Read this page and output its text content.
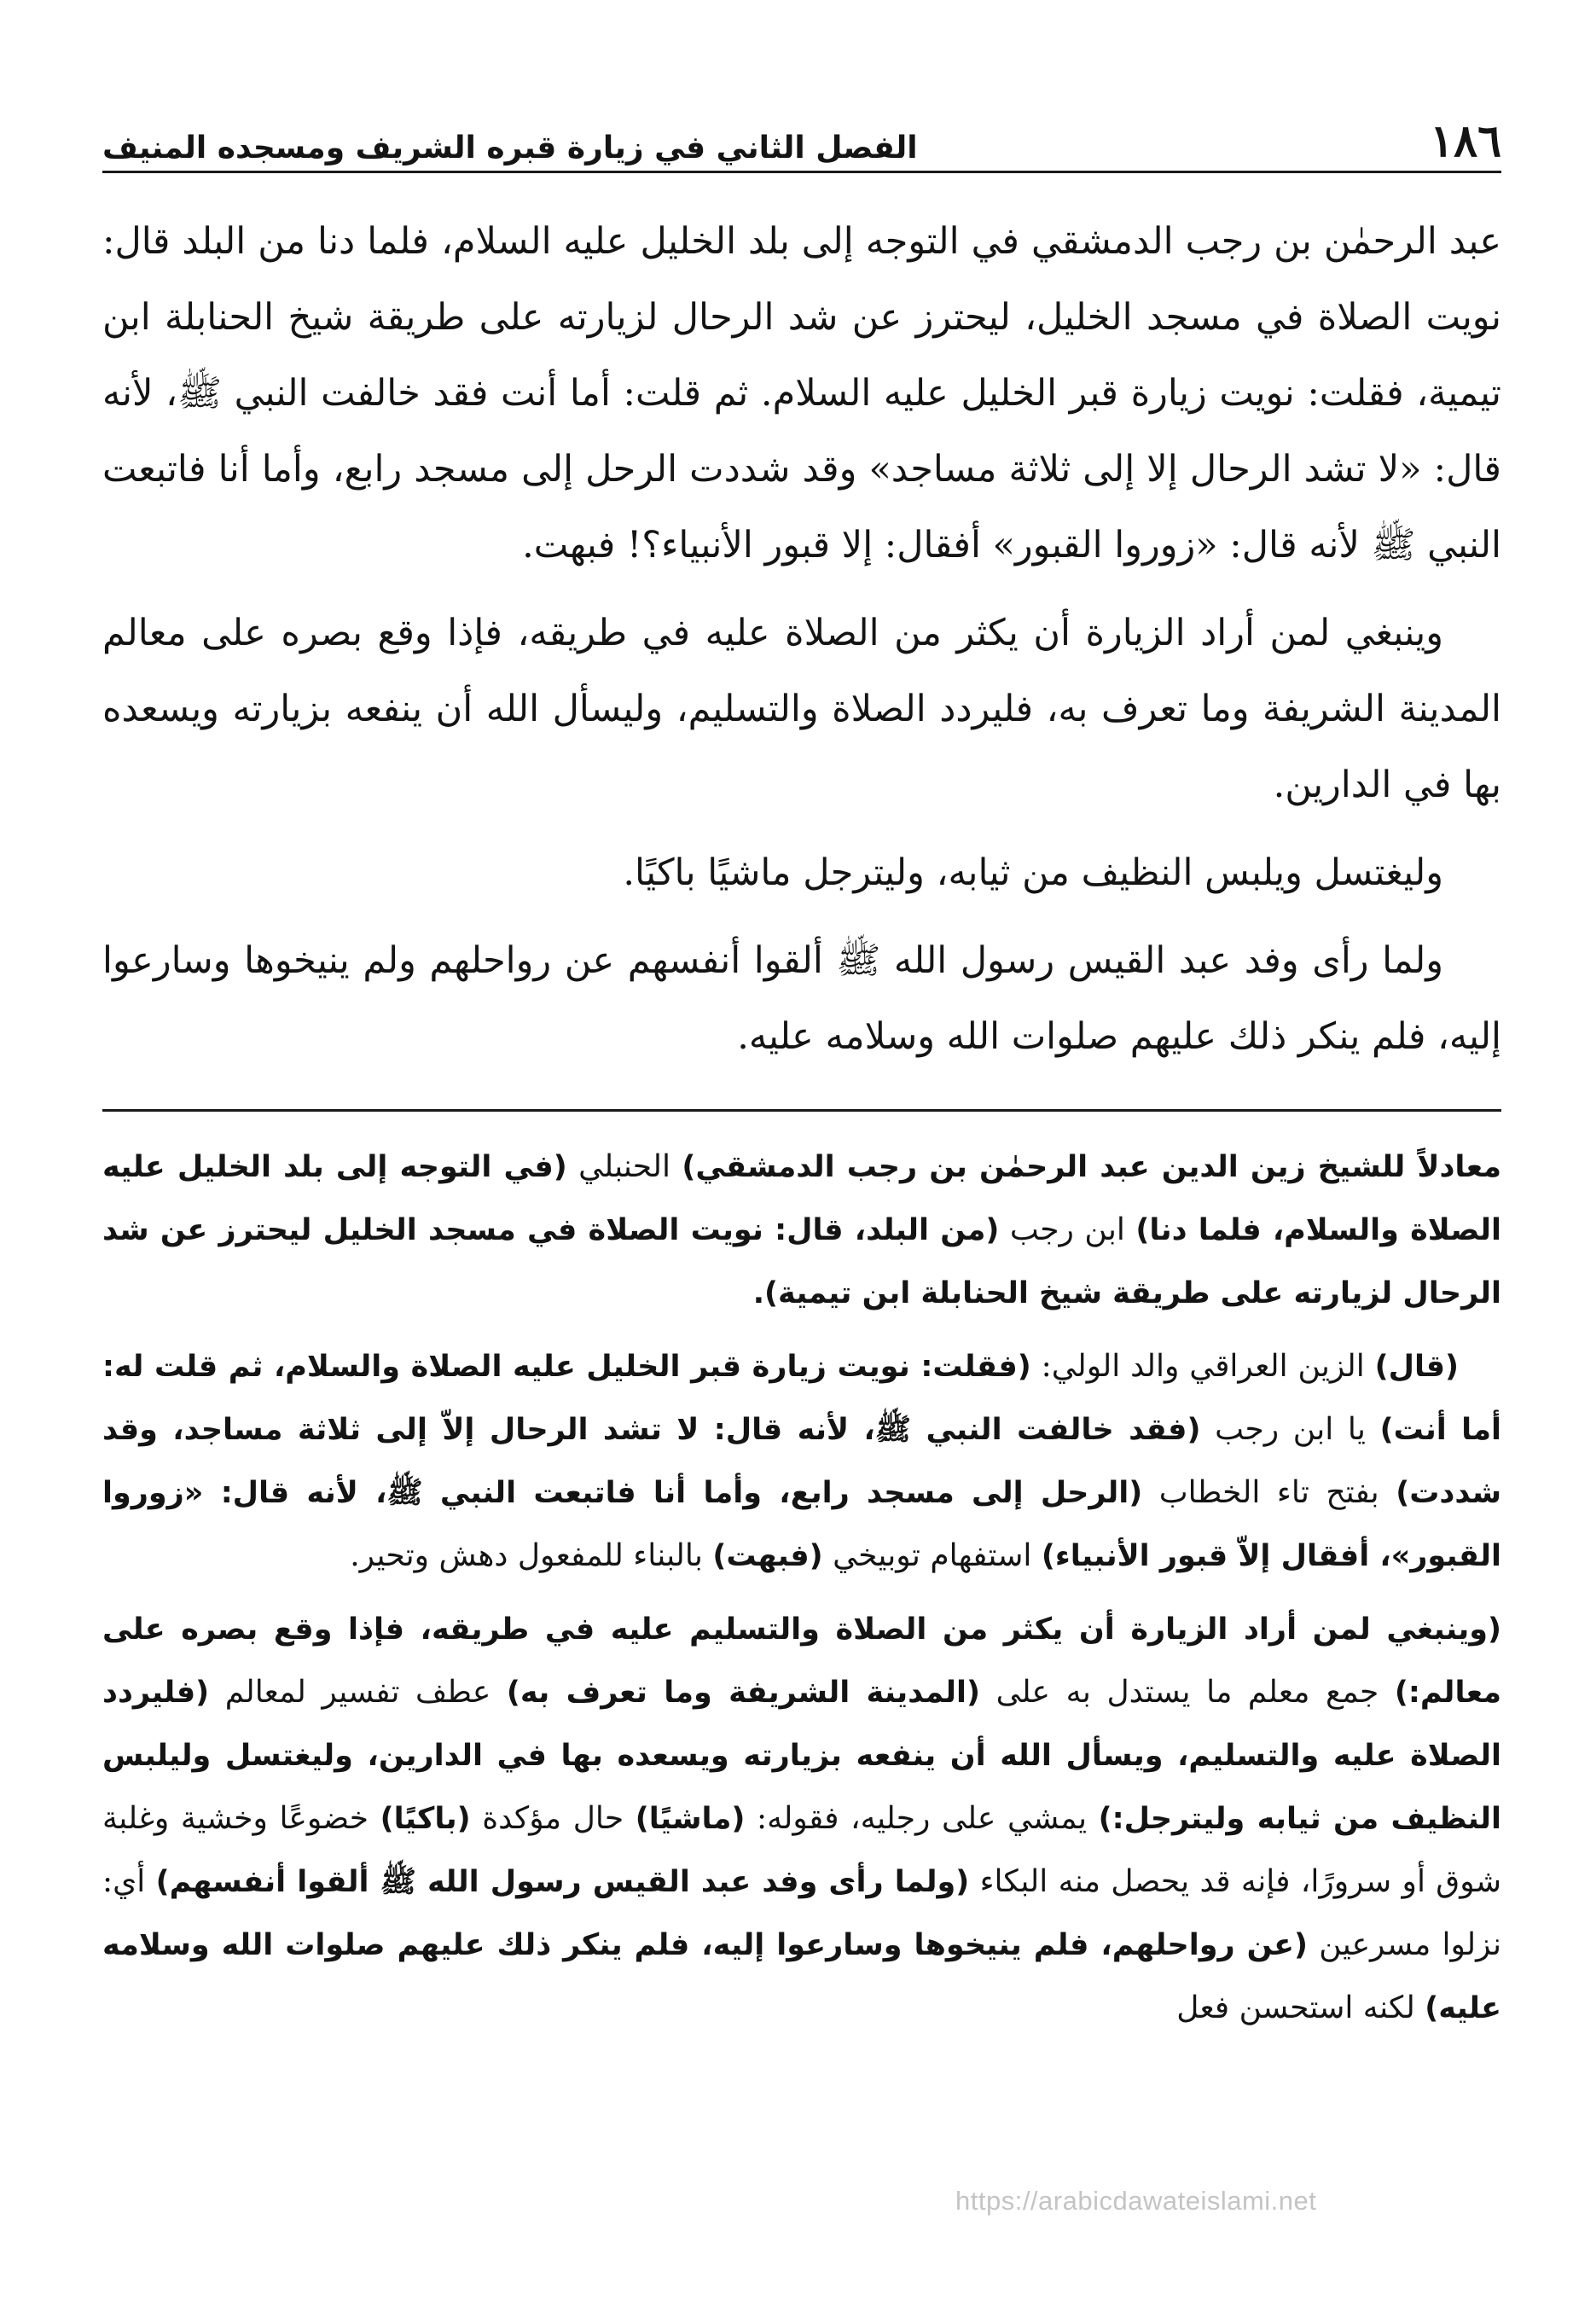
١٨٦
الفصل الثاني في زيارة قبره الشريف ومسجده المنيف

عبد الرحمٰن بن رجب الدمشقي في التوجه إلى بلد الخليل عليه السلام، فلما دنا من البلد قال: نويت الصلاة في مسجد الخليل، ليحترز عن شد الرحال لزيارته على طريقة شيخ الحنابلة ابن تيمية، فقلت: نويت زيارة قبر الخليل عليه السلام. ثم قلت: أما أنت فقد خالفت النبي ﷺ، لأنه قال: «لا تشد الرحال إلا إلى ثلاثة مساجد» وقد شددت الرحل إلى مسجد رابع، وأما أنا فاتبعت النبي ﷺ لأنه قال: «زوروا القبور» أفقال: إلا قبور الأنبياء؟! فبهت.

وينبغي لمن أراد الزيارة أن يكثر من الصلاة عليه في طريقه، فإذا وقع بصره على معالم المدينة الشريفة وما تعرف به، فليردد الصلاة والتسليم، وليسأل الله أن ينفعه بزيارته ويسعده بها في الدارين.

وليغتسل ويلبس النظيف من ثيابه، وليترجل ماشيًا باكيًا.

ولما رأى وفد عبد القيس رسول الله ﷺ ألقوا أنفسهم عن رواحلهم ولم ينيخوها وسارعوا إليه، فلم ينكر ذلك عليهم صلوات الله وسلامه عليه.

معادلاً للشيخ زين الدين عبد الرحمٰن بن رجب الدمشقي) الحنبلي (في التوجه إلى بلد الخليل عليه الصلاة والسلام، فلما دنا) ابن رجب (من البلد، قال: نويت الصلاة في مسجد الخليل ليحترز عن شد الرحال لزيارته على طريقة شيخ الحنابلة ابن تيمية).

(قال) الزين العراقي والد الولي: (فقلت: نويت زيارة قبر الخليل عليه الصلاة والسلام، ثم قلت له: أما أنت) يا ابن رجب (فقد خالفت النبي ﷺ، لأنه قال: لا تشد الرحال إلاّ إلى ثلاثة مساجد، وقد شددت) بفتح تاء الخطاب (الرحل إلى مسجد رابع، وأما أنا فاتبعت النبي ﷺ، لأنه قال: «زوروا القبور»، أفقال إلاّ قبور الأنبياء) استفهام توبيخي (فبهت) بالبناء للمفعول دهش وتحير.

(وينبغي لمن أراد الزيارة أن يكثر من الصلاة والتسليم عليه في طريقه، فإذا وقع بصره على معالم:) جمع معلم ما يستدل به على (المدينة الشريفة وما تعرف به) عطف تفسير لمعالم (فليردد الصلاة عليه والتسليم، ويسأل الله أن ينفعه بزيارته ويسعده بها في الدارين، وليغتسل وليلبس النظيف من ثيابه وليترجل:) يمشي على رجليه، فقوله: (ماشيًا) حال مؤكدة (باكيًا) خضوعًا وخشية وغلبة شوق أو سرورًا، فإنه قد يحصل منه البكاء (ولما رأى وفد عبد القيس رسول الله ﷺ ألقوا أنفسهم) أي: نزلوا مسرعين (عن رواحلهم، فلم ينيخوها وسارعوا إليه، فلم ينكر ذلك عليهم صلوات الله وسلامه عليه) لكنه استحسن فعل

https://arabicdawateislami.net
